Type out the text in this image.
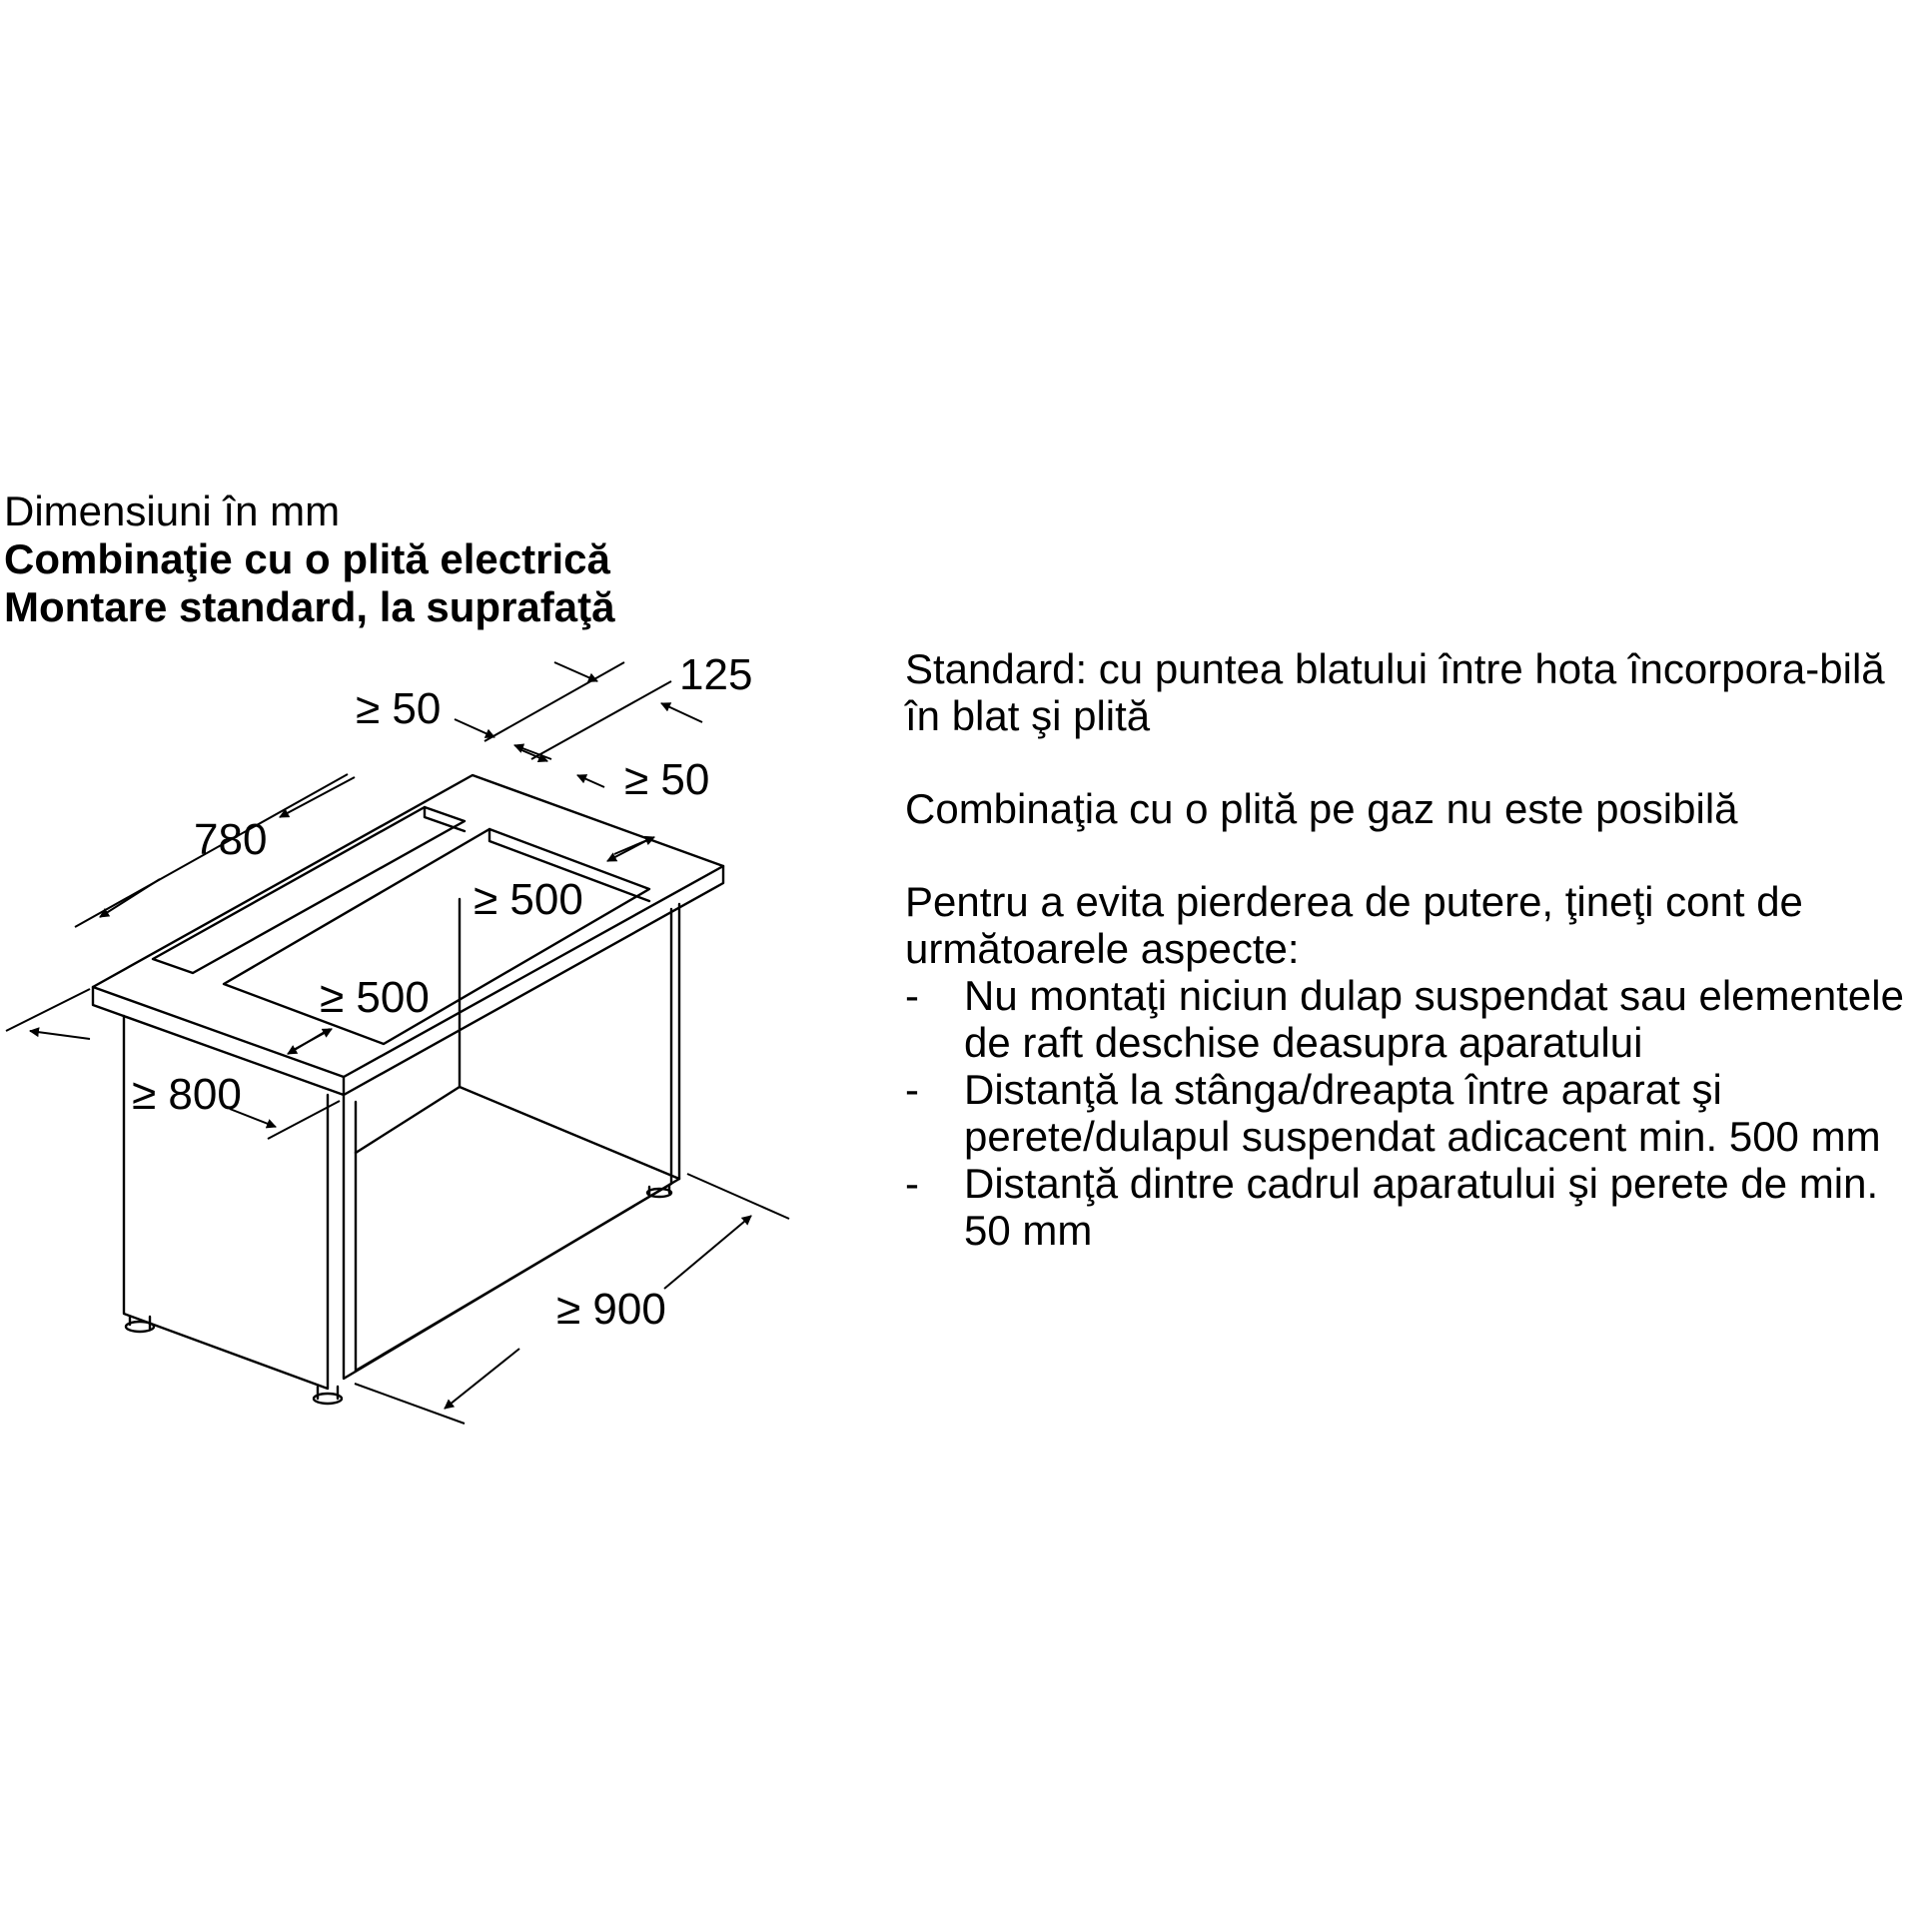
Dimensiuni în mm
Combinaţie cu o plită electrică
Montare standard, la suprafaţă
125
≥ 50
≥ 50
780
≥ 500
≥ 500
≥ 800
≥ 900

Standard: cu puntea blatului între hota încorpora-bilă în blat şi plită

Combinaţia cu o plită pe gaz nu este posibilă

Pentru a evita pierderea de putere, ţineţi cont de următoarele aspecte:

- Nu montaţi niciun dulap suspendat sau elementele de raft deschise deasupra aparatului
- Distanţă la stânga/dreapta între aparat şi perete/dulapul suspendat adicacent min. 500 mm
- Distanţă dintre cadrul aparatului şi perete de min. 50 mm
